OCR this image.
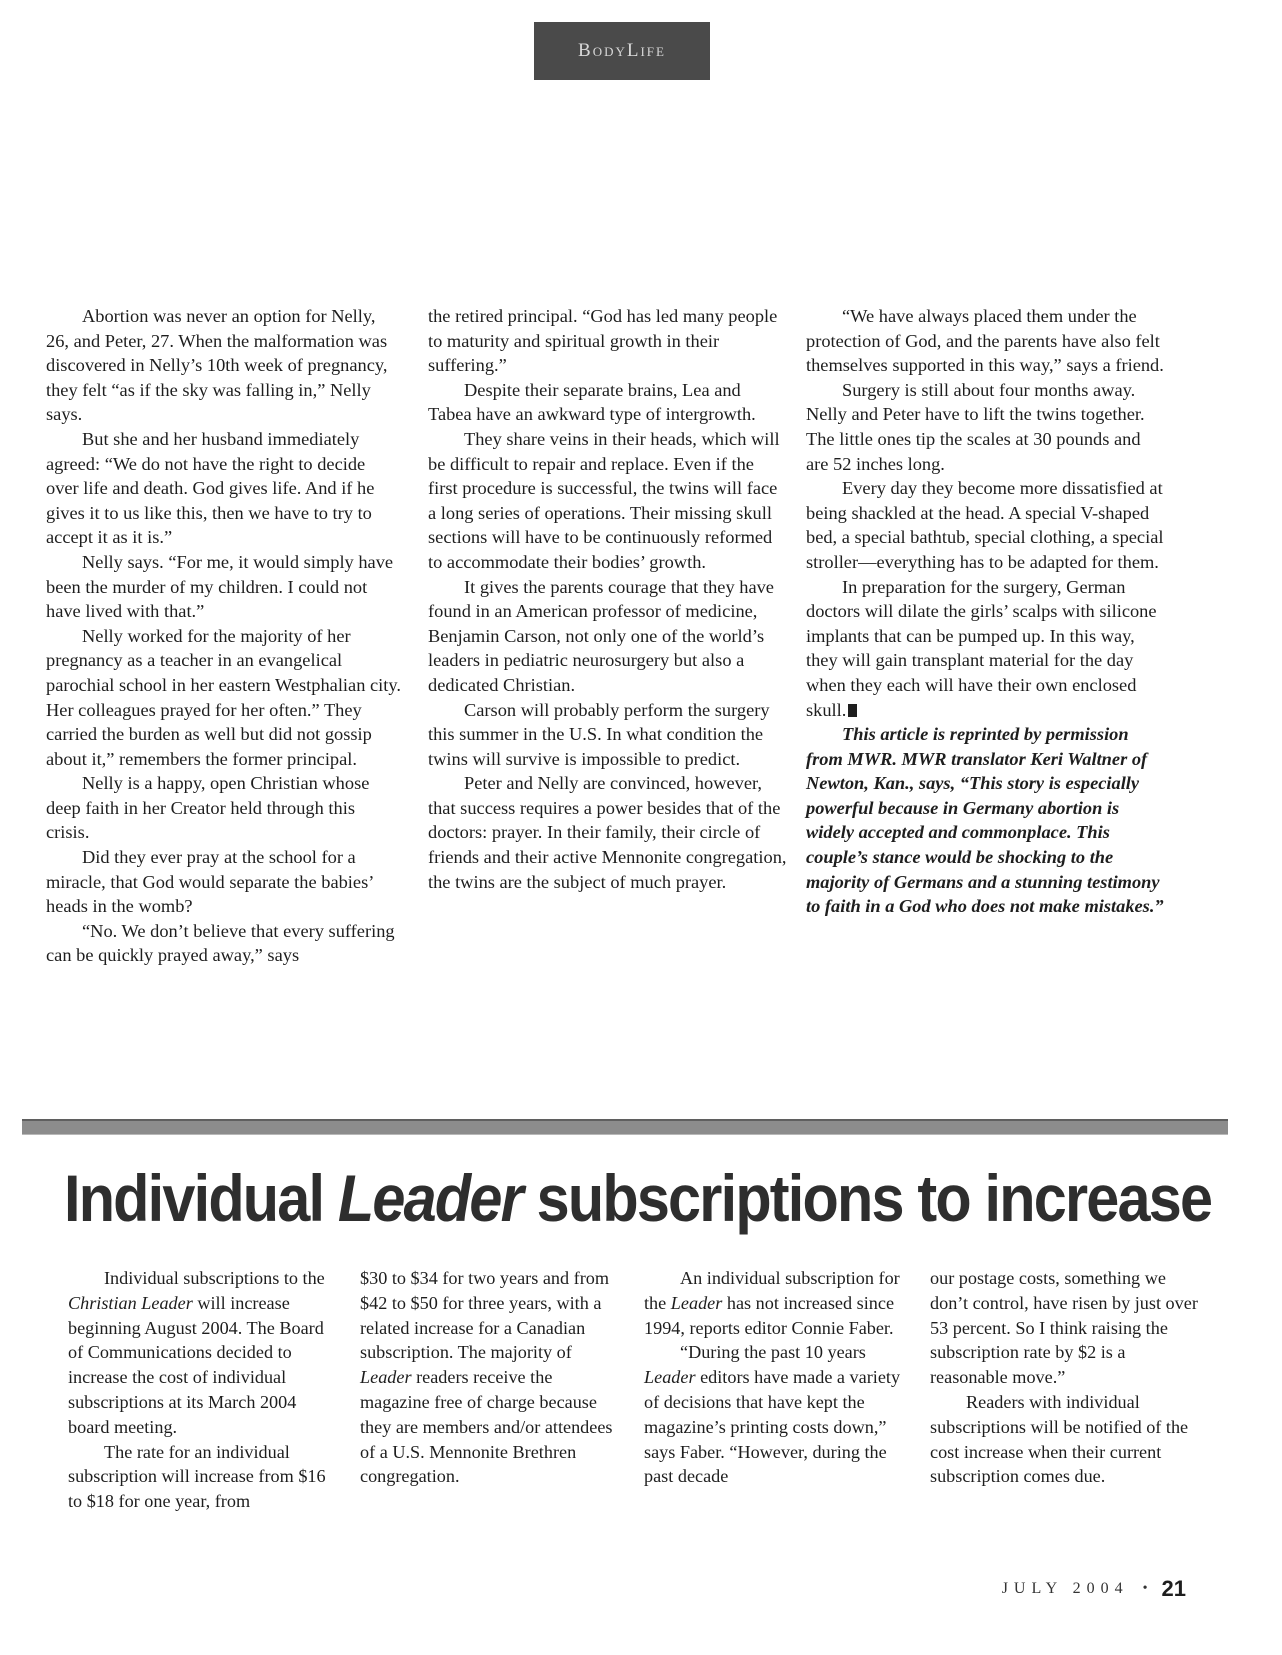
BodyLife

Abortion was never an option for Nelly, 26, and Peter, 27. When the malformation was discovered in Nelly’s 10th week of pregnancy, they felt “as if the sky was falling in,” Nelly says.

But she and her husband immediately agreed: “We do not have the right to decide over life and death. God gives life. And if he gives it to us like this, then we have to try to accept it as it is.”

Nelly says. “For me, it would simply have been the murder of my children. I could not have lived with that.”

Nelly worked for the majority of her pregnancy as a teacher in an evangelical parochial school in her eastern Westphalian city. Her colleagues prayed for her often.” They carried the burden as well but did not gossip about it,” remembers the former principal.

Nelly is a happy, open Christian whose deep faith in her Creator held through this crisis.

Did they ever pray at the school for a miracle, that God would separate the babies’ heads in the womb?

“No. We don’t believe that every suffering can be quickly prayed away,” says

the retired principal. “God has led many people to maturity and spiritual growth in their suffering.”

Despite their separate brains, Lea and Tabea have an awkward type of intergrowth.

They share veins in their heads, which will be difficult to repair and replace. Even if the first procedure is successful, the twins will face a long series of operations. Their missing skull sections will have to be continuously reformed to accommodate their bodies’ growth.

It gives the parents courage that they have found in an American professor of medicine, Benjamin Carson, not only one of the world’s leaders in pediatric neurosurgery but also a dedicated Christian.

Carson will probably perform the surgery this summer in the U.S. In what condition the twins will survive is impossible to predict.

Peter and Nelly are convinced, however, that success requires a power besides that of the doctors: prayer. In their family, their circle of friends and their active Mennonite congregation, the twins are the subject of much prayer.

“We have always placed them under the protection of God, and the parents have also felt themselves supported in this way,” says a friend.

Surgery is still about four months away. Nelly and Peter have to lift the twins together. The little ones tip the scales at 30 pounds and are 52 inches long.

Every day they become more dissatisfied at being shackled at the head. A special V-shaped bed, a special bathtub, special clothing, a special stroller—everything has to be adapted for them.

In preparation for the surgery, German doctors will dilate the girls’ scalps with silicone implants that can be pumped up. In this way, they will gain transplant material for the day when they each will have their own enclosed skull.

This article is reprinted by permission from MWR. MWR translator Keri Waltner of Newton, Kan., says, “This story is especially powerful because in Germany abortion is widely accepted and commonplace. This couple’s stance would be shocking to the majority of Germans and a stunning testimony to faith in a God who does not make mistakes.”

Individual Leader subscriptions to increase

Individual subscriptions to the Christian Leader will increase beginning August 2004. The Board of Communications decided to increase the cost of individual subscriptions at its March 2004 board meeting.

The rate for an individual subscription will increase from $16 to $18 for one year, from

$30 to $34 for two years and from $42 to $50 for three years, with a related increase for a Canadian subscription. The majority of Leader readers receive the magazine free of charge because they are members and/or attendees of a U.S. Mennonite Brethren congregation.

An individual subscription for the Leader has not increased since 1994, reports editor Connie Faber.

“During the past 10 years Leader editors have made a variety of decisions that have kept the magazine’s printing costs down,” says Faber. “However, during the past decade

our postage costs, something we don’t control, have risen by just over 53 percent. So I think raising the subscription rate by $2 is a reasonable move.”

Readers with individual subscriptions will be notified of the cost increase when their current subscription comes due.

JULY 2004 • 21
